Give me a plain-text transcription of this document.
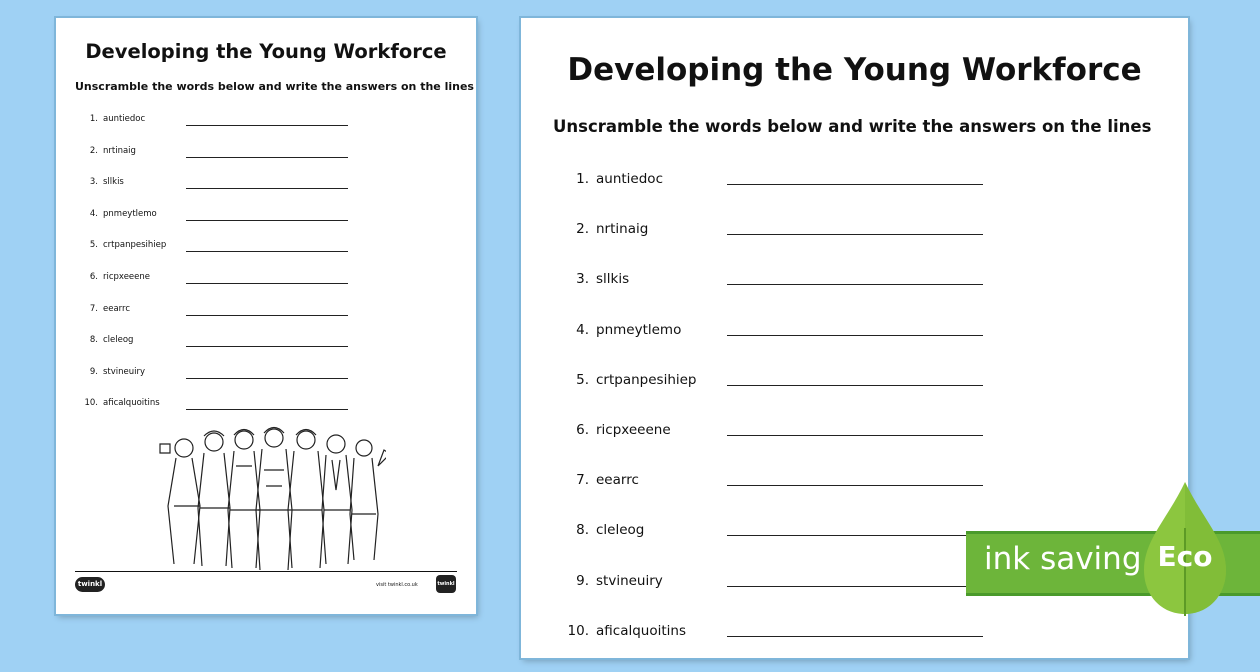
Developing the Young Workforce
Unscramble the words below and write the answers on the lines
1. auntiedoc
2. nrtinaig
3. sllkis
4. pnmeytlemo
5. crtpanpesihiep
6. ricpxeeene
7. eearrc
8. cleleog
9. stvineuiry
10. aficalquoitins
twinkl	visit twinkl.co.uk	twinkl
Developing the Young Workforce
Unscramble the words below and write the answers on the lines
1. auntiedoc
2. nrtinaig
3. sllkis
4. pnmeytlemo
5. crtpanpesihiep
6. ricpxeeene
7. eearrc
8. cleleog
9. stvineuiry
10. aficalquoitins
ink saving Eco
